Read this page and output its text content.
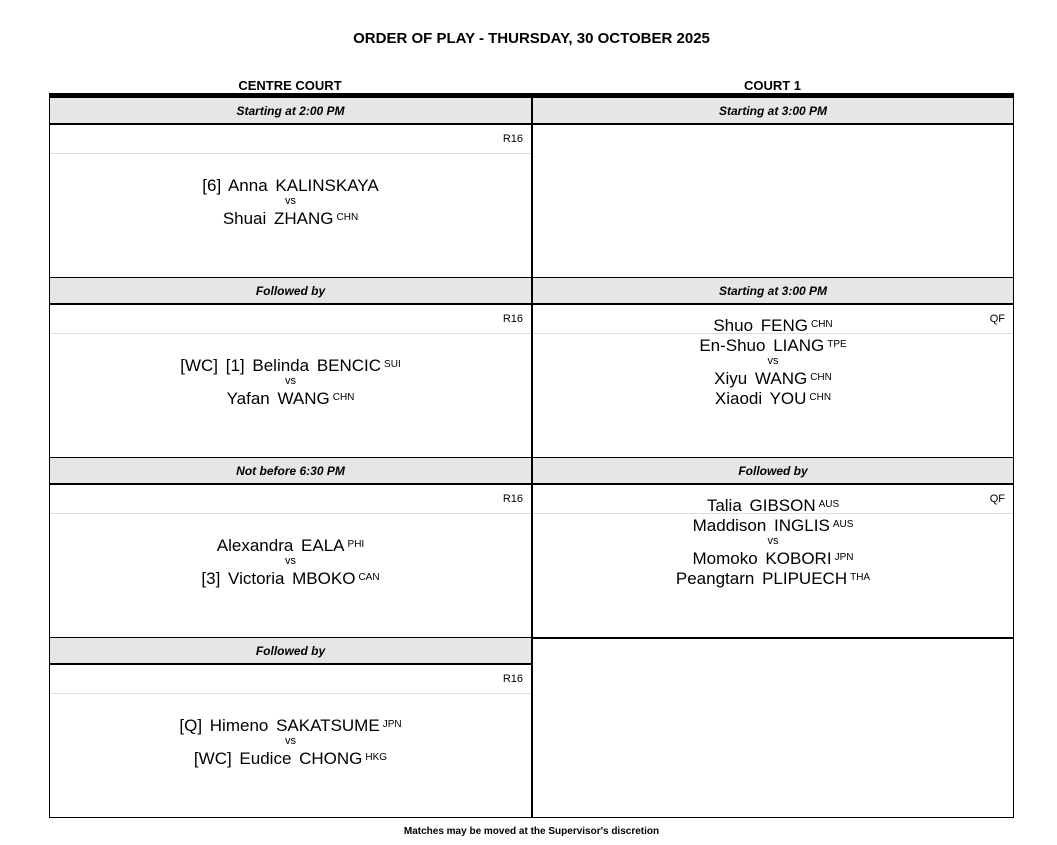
ORDER OF PLAY - THURSDAY, 30 OCTOBER 2025
CENTRE COURT	COURT 1
Starting at 2:00 PM
R16
[6] Anna KALINSKAYA
vs
Shuai ZHANG $^{CHN}$
Followed by
R16
[WC] [1] Belinda BENCIC $^{SUI}$
vs
Yafan WANG $^{CHN}$
Not before 6:30 PM
R16
Alexandra EALA $^{PHI}$
vs
[3] Victoria MBOKO $^{CAN}$
Followed by
R16
[Q] Himeno SAKATSUME $^{JPN}$
vs
[WC] Eudice CHONG $^{HKG}$
Starting at 3:00 PM
Starting at 3:00 PM
QF
Shuo FENG $^{CHN}$
En-Shuo LIANG $^{TPE}$
vs
Xiyu WANG $^{CHN}$
Xiaodi YOU $^{CHN}$
Followed by
QF
Talia GIBSON $^{AUS}$
Maddison INGLIS $^{AUS}$
vs
Momoko KOBORI $^{JPN}$
Peangtarn PLIPUECH $^{THA}$
Matches may be moved at the Supervisor's discretion
